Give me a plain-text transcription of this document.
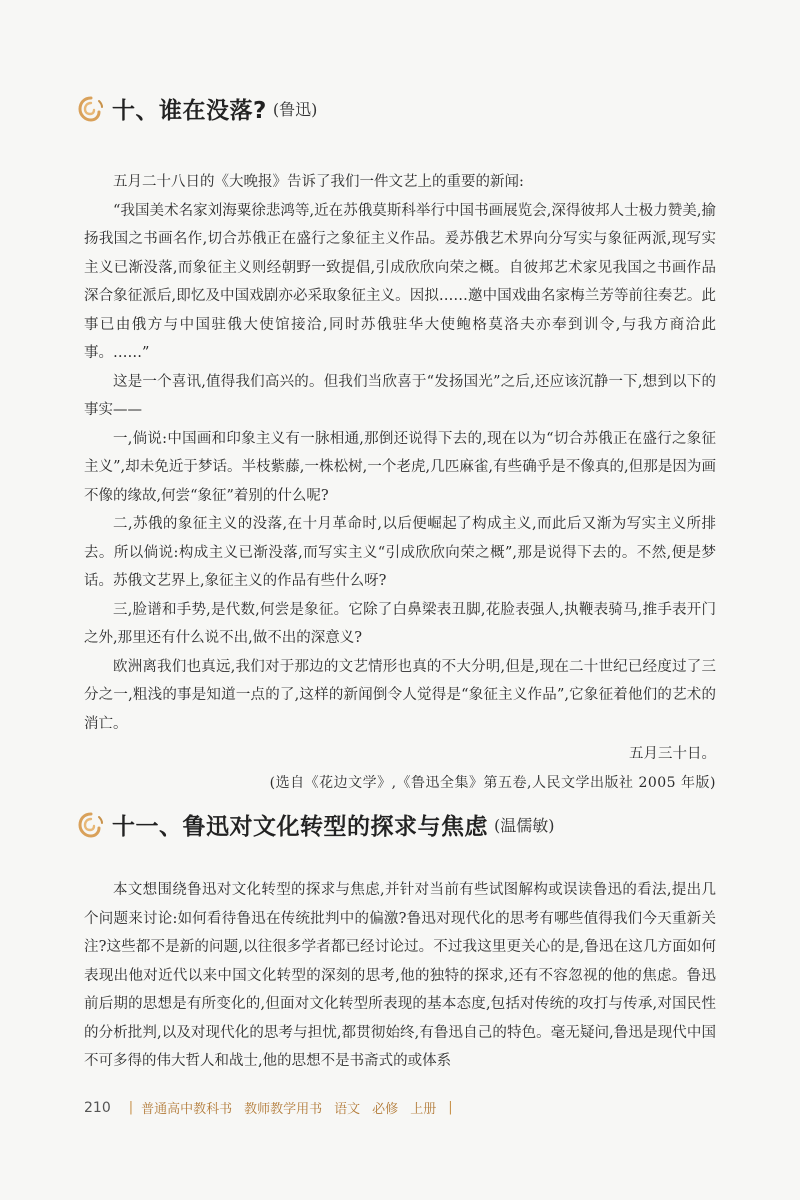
十、谁在没落? (鲁迅)

五月二十八日的《大晚报》告诉了我们一件文艺上的重要的新闻:

“我国美术名家刘海粟徐悲鸿等,近在苏俄莫斯科举行中国书画展览会,深得彼邦人士极力赞美,揄扬我国之书画名作,切合苏俄正在盛行之象征主义作品。爰苏俄艺术界向分写实与象征两派,现写实主义已渐没落,而象征主义则经朝野一致提倡,引成欣欣向荣之概。自彼邦艺术家见我国之书画作品深合象征派后,即忆及中国戏剧亦必采取象征主义。因拟……邀中国戏曲名家梅兰芳等前往奏艺。此事已由俄方与中国驻俄大使馆接洽,同时苏俄驻华大使鲍格莫洛夫亦奉到训令,与我方商洽此事。……”

这是一个喜讯,值得我们高兴的。但我们当欣喜于“发扬国光”之后,还应该沉静一下,想到以下的事实——

一,倘说:中国画和印象主义有一脉相通,那倒还说得下去的,现在以为“切合苏俄正在盛行之象征主义”,却未免近于梦话。半枝紫藤,一株松树,一个老虎,几匹麻雀,有些确乎是不像真的,但那是因为画不像的缘故,何尝“象征”着别的什么呢?

二,苏俄的象征主义的没落,在十月革命时,以后便崛起了构成主义,而此后又渐为写实主义所排去。所以倘说:构成主义已渐没落,而写实主义“引成欣欣向荣之概”,那是说得下去的。不然,便是梦话。苏俄文艺界上,象征主义的作品有些什么呀?

三,脸谱和手势,是代数,何尝是象征。它除了白鼻梁表丑脚,花脸表强人,执鞭表骑马,推手表开门之外,那里还有什么说不出,做不出的深意义?

欧洲离我们也真远,我们对于那边的文艺情形也真的不大分明,但是,现在二十世纪已经度过了三分之一,粗浅的事是知道一点的了,这样的新闻倒令人觉得是“象征主义作品”,它象征着他们的艺术的消亡。

五月三十日。

(选自《花边文学》,《鲁迅全集》第五卷,人民文学出版社 2005 年版)

十一、鲁迅对文化转型的探求与焦虑 (温儒敏)

本文想围绕鲁迅对文化转型的探求与焦虑,并针对当前有些试图解构或误读鲁迅的看法,提出几个问题来讨论:如何看待鲁迅在传统批判中的偏激?鲁迅对现代化的思考有哪些值得我们今天重新关注?这些都不是新的问题,以往很多学者都已经讨论过。不过我这里更关心的是,鲁迅在这几方面如何表现出他对近代以来中国文化转型的深刻的思考,他的独特的探求,还有不容忽视的他的焦虑。鲁迅前后期的思想是有所变化的,但面对文化转型所表现的基本态度,包括对传统的攻打与传承,对国民性的分析批判,以及对现代化的思考与担忧,都贯彻始终,有鲁迅自己的特色。毫无疑问,鲁迅是现代中国不可多得的伟大哲人和战士,他的思想不是书斋式的或体系

210 | 普通高中教科书 教师教学用书 语文 必修 上册 |
